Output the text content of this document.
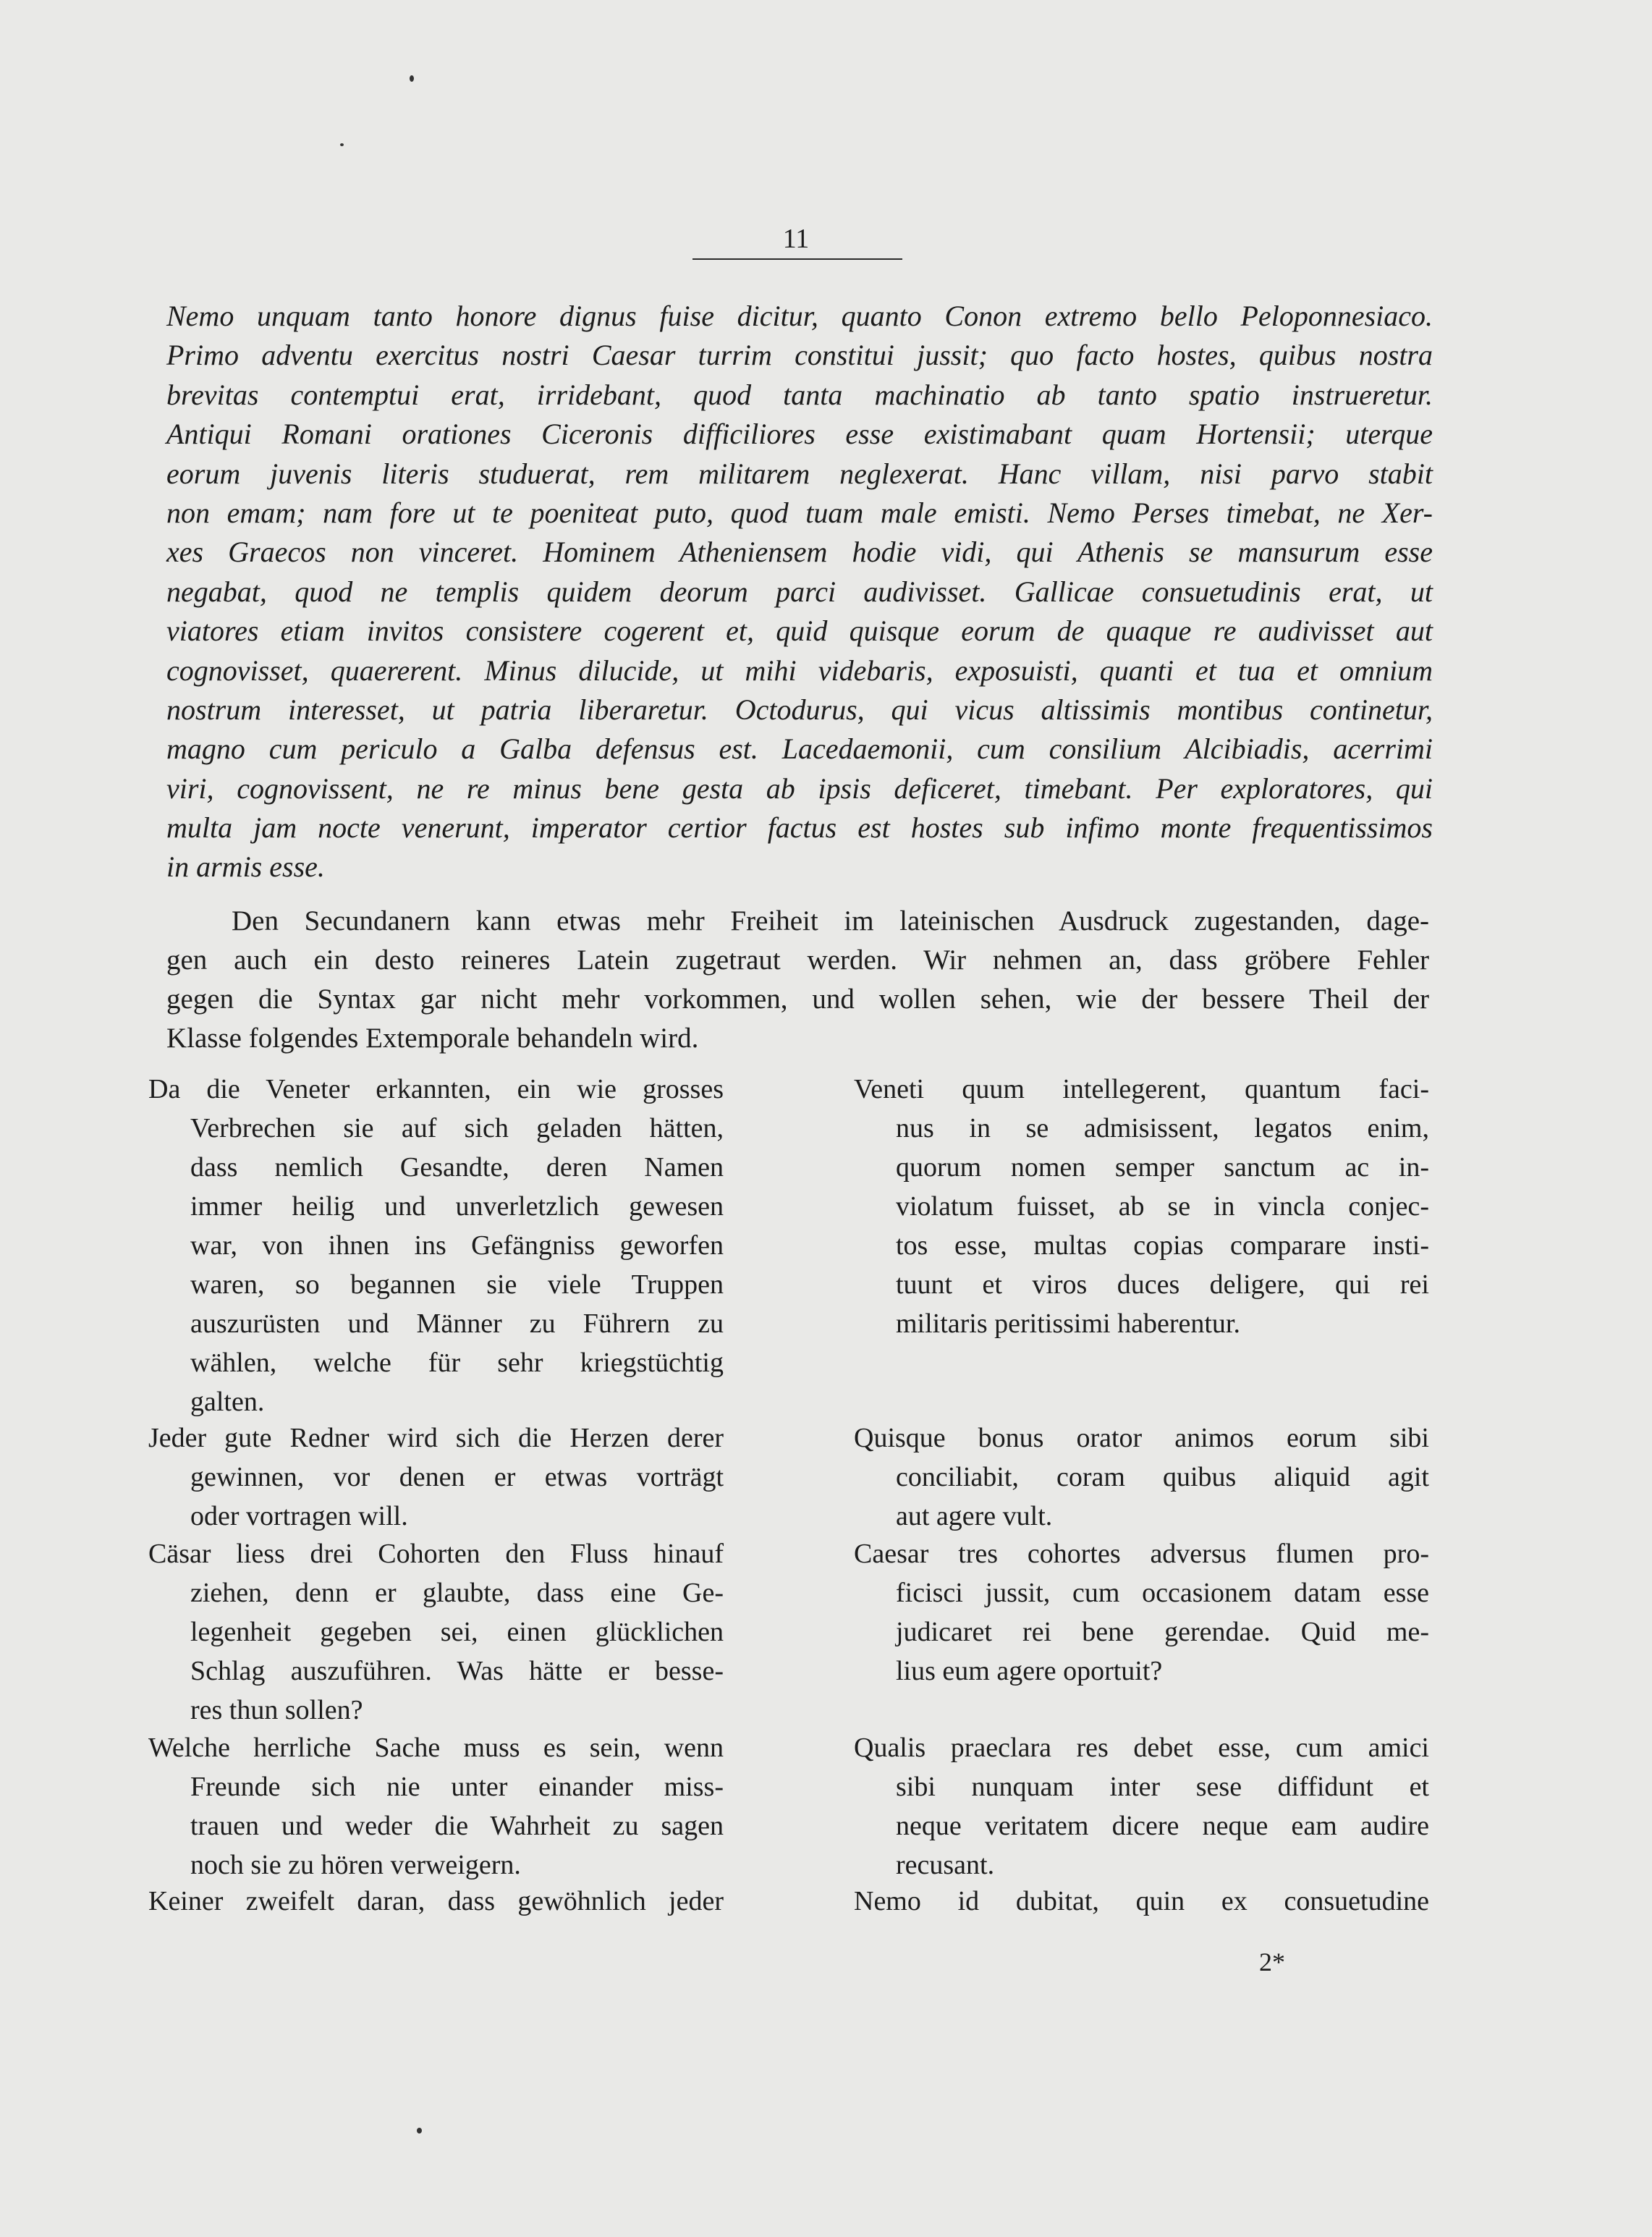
11
Nemo unquam tanto honore dignus fuise dicitur, quanto Conon extremo bello Peloponnesiaco.
Primo adventu exercitus nostri Caesar turrim constitui jussit; quo facto hostes, quibus nostra
brevitas contemptui erat, irridebant, quod tanta machinatio ab tanto spatio instrueretur.
Antiqui Romani orationes Ciceronis difficiliores esse existimabant quam Hortensii; uterque
eorum juvenis literis studuerat, rem militarem neglexerat. Hanc villam, nisi parvo stabit
non emam; nam fore ut te poeniteat puto, quod tuam male emisti. Nemo Perses timebat, ne Xer-
xes Graecos non vinceret. Hominem Atheniensem hodie vidi, qui Athenis se mansurum esse
negabat, quod ne templis quidem deorum parci audivisset. Gallicae consuetudinis erat, ut
viatores etiam invitos consistere cogerent et, quid quisque eorum de quaque re audivisset aut
cognovisset, quaererent. Minus dilucide, ut mihi videbaris, exposuisti, quanti et tua et omnium
nostrum interesset, ut patria liberaretur. Octodurus, qui vicus altissimis montibus continetur,
magno cum periculo a Galba defensus est. Lacedaemonii, cum consilium Alcibiadis, acerrimi
viri, cognovissent, ne re minus bene gesta ab ipsis deficeret, timebant. Per exploratores, qui
multa jam nocte venerunt, imperator certior factus est hostes sub infimo monte frequentissimos
in armis esse.
Den Secundanern kann etwas mehr Freiheit im lateinischen Ausdruck zugestanden, dage-
gen auch ein desto reineres Latein zugetraut werden. Wir nehmen an, dass gröbere Fehler
gegen die Syntax gar nicht mehr vorkommen, und wollen sehen, wie der bessere Theil der
Klasse folgendes Extemporale behandeln wird.
Da die Veneter erkannten, ein wie grosses
Verbrechen sie auf sich geladen hätten,
dass nemlich Gesandte, deren Namen
immer heilig und unverletzlich gewesen
war, von ihnen ins Gefängniss geworfen
waren, so begannen sie viele Truppen
auszurüsten und Männer zu Führern zu
wählen, welche für sehr kriegstüchtig
galten.
Veneti quum intellegerent, quantum faci-
nus in se admisissent, legatos enim,
quorum nomen semper sanctum ac in-
violatum fuisset, ab se in vincla conjec-
tos esse, multas copias comparare insti-
tuunt et viros duces deligere, qui rei
militaris peritissimi haberentur.
Jeder gute Redner wird sich die Herzen derer
gewinnen, vor denen er etwas vorträgt
oder vortragen will.
Quisque bonus orator animos eorum sibi
conciliabit, coram quibus aliquid agit
aut agere vult.
Cäsar liess drei Cohorten den Fluss hinauf
ziehen, denn er glaubte, dass eine Ge-
legenheit gegeben sei, einen glücklichen
Schlag auszuführen. Was hätte er besse-
res thun sollen?
Caesar tres cohortes adversus flumen pro-
ficisci jussit, cum occasionem datam esse
judicaret rei bene gerendae. Quid me-
lius eum agere oportuit?
Welche herrliche Sache muss es sein, wenn
Freunde sich nie unter einander miss-
trauen und weder die Wahrheit zu sagen
noch sie zu hören verweigern.
Qualis praeclara res debet esse, cum amici
sibi nunquam inter sese diffidunt et
neque veritatem dicere neque eam audire
recusant.
Keiner zweifelt daran, dass gewöhnlich jeder	Nemo id dubitat, quin ex consuetudine
2*
